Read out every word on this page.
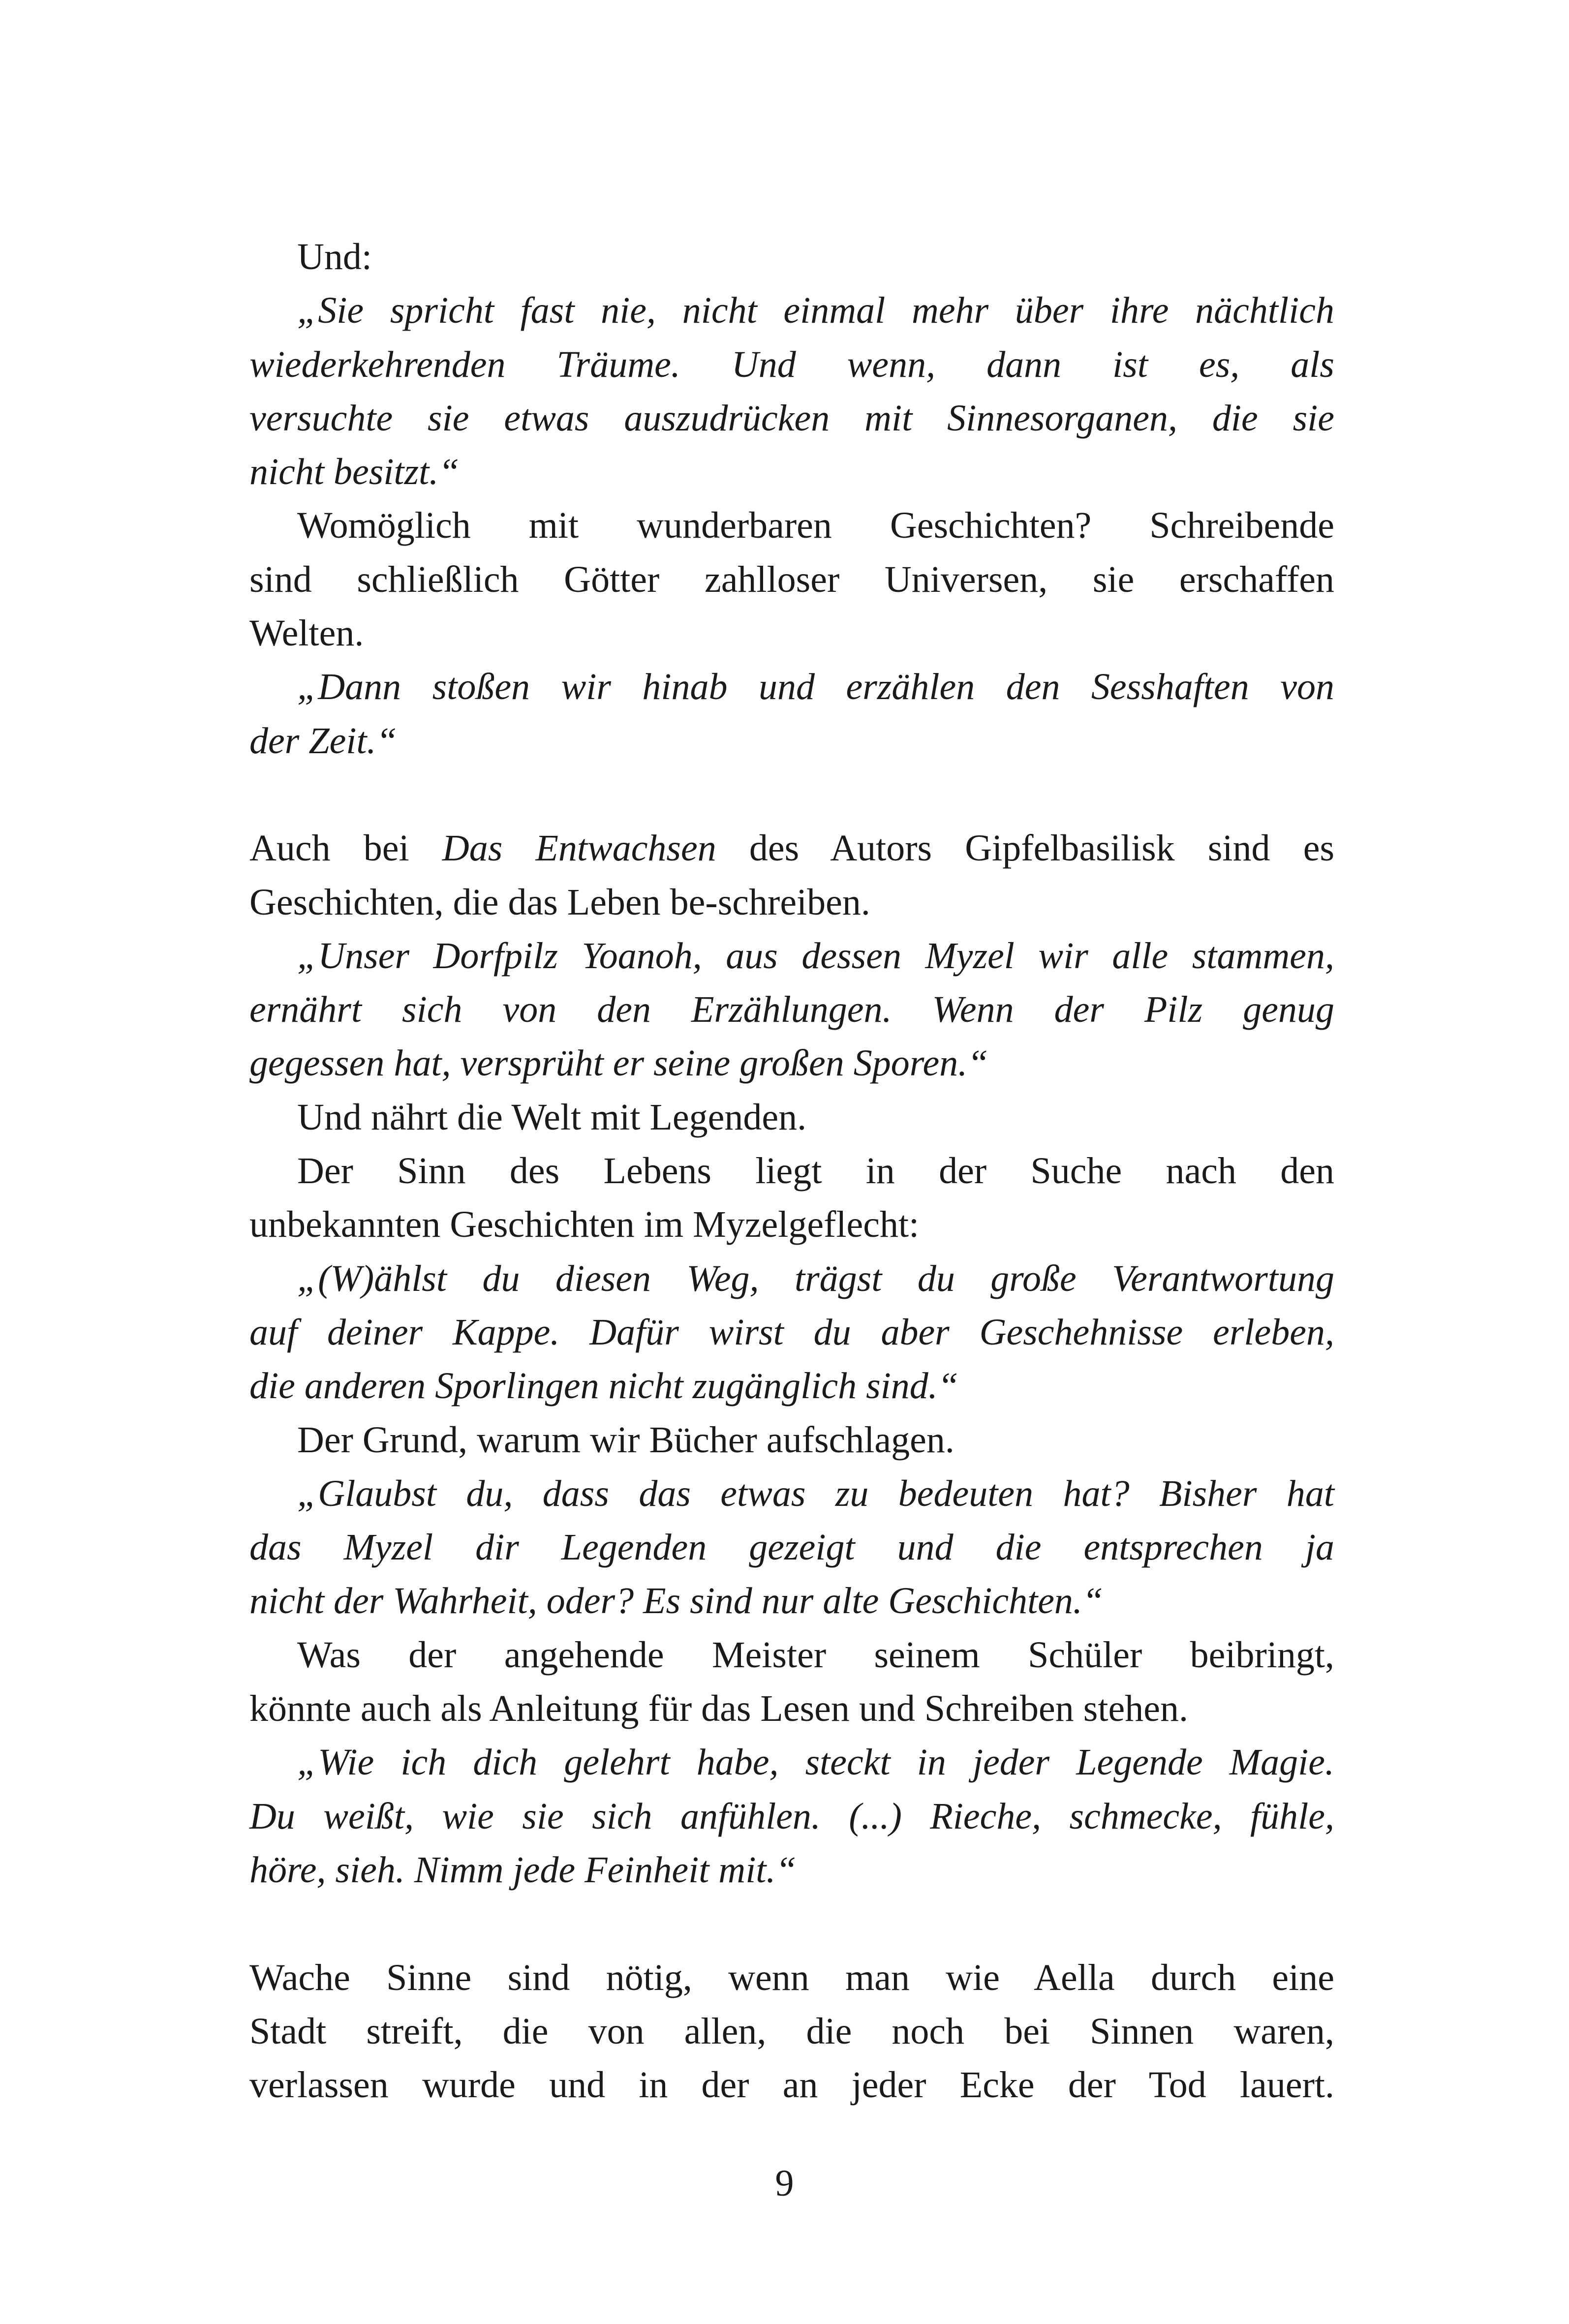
Und:
„Sie spricht fast nie, nicht einmal mehr über ihre nächtlich
wiederkehrenden Träume. Und wenn, dann ist es, als
versuchte sie etwas auszudrücken mit Sinnesorganen, die sie
nicht besitzt.“
Womöglich mit wunderbaren Geschichten? Schreibende
sind schließlich Götter zahlloser Universen, sie erschaffen
Welten.
„Dann stoßen wir hinab und erzählen den Sesshaften von
der Zeit.“
Auch bei Das Entwachsen des Autors Gipfelbasilisk sind es
Geschichten, die das Leben be-schreiben.
„Unser Dorfpilz Yoanoh, aus dessen Myzel wir alle stammen,
ernährt sich von den Erzählungen. Wenn der Pilz genug
gegessen hat, versprüht er seine großen Sporen.“
Und nährt die Welt mit Legenden.
Der Sinn des Lebens liegt in der Suche nach den
unbekannten Geschichten im Myzelgeflecht:
„(W)ählst du diesen Weg, trägst du große Verantwortung
auf deiner Kappe. Dafür wirst du aber Geschehnisse erleben,
die anderen Sporlingen nicht zugänglich sind.“
Der Grund, warum wir Bücher aufschlagen.
„Glaubst du, dass das etwas zu bedeuten hat? Bisher hat
das Myzel dir Legenden gezeigt und die entsprechen ja
nicht der Wahrheit, oder? Es sind nur alte Geschichten.“
Was der angehende Meister seinem Schüler beibringt,
könnte auch als Anleitung für das Lesen und Schreiben stehen.
„Wie ich dich gelehrt habe, steckt in jeder Legende Magie.
Du weißt, wie sie sich anfühlen. (...) Rieche, schmecke, fühle,
höre, sieh. Nimm jede Feinheit mit.“
Wache Sinne sind nötig, wenn man wie Aella durch eine
Stadt streift, die von allen, die noch bei Sinnen waren,
verlassen wurde und in der an jeder Ecke der Tod lauert.
9
